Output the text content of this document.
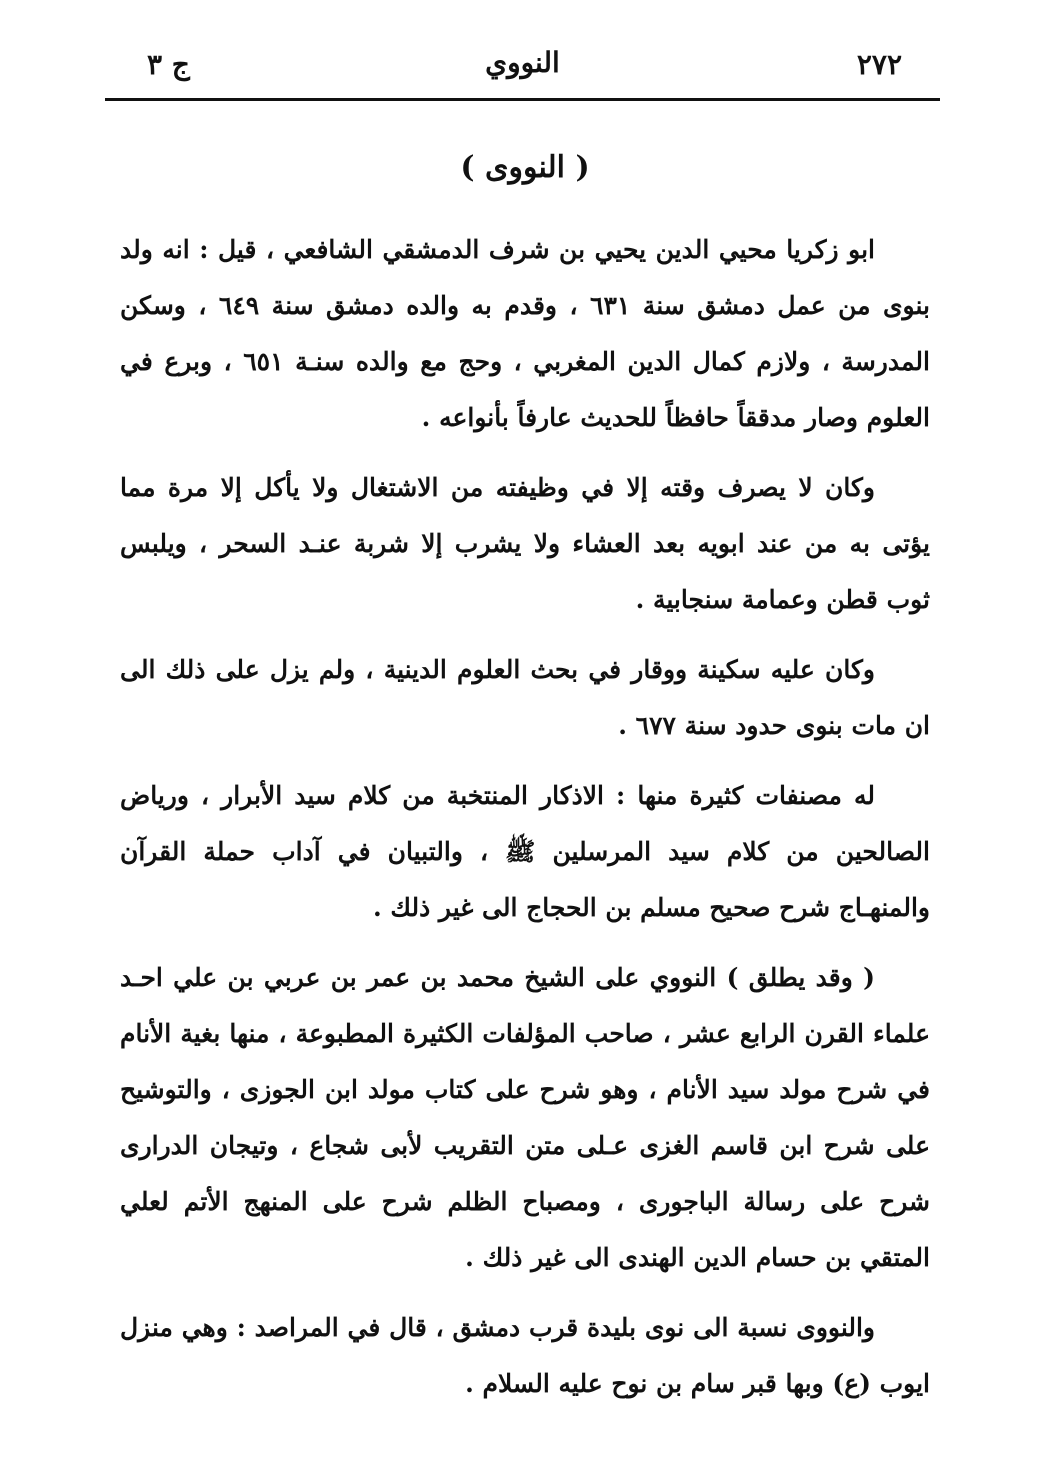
٢٧٢
النووي
ج ٣
( النووى )

ابو زكريا محيي الدين يحيي بن شرف الدمشقي الشافعي ، قيل : انه ولد بنوى من عمل دمشق سنة ٦٣١ ، وقدم به والده دمشق سنة ٦٤٩ ، وسكن المدرسة ، ولازم كمال الدين المغربي ، وحج مع والده سنـة ٦٥١ ، وبرع في العلوم وصار مدققاً حافظاً للحديث عارفاً بأنواعه .

وكان لا يصرف وقته إلا في وظيفته من الاشتغال ولا يأكل إلا مرة مما يؤتى به من عند ابويه بعد العشاء ولا يشرب إلا شربة عنـد السحر ، ويلبس ثوب قطن وعمامة سنجابية .

وكان عليه سكينة ووقار في بحث العلوم الدينية ، ولم يزل على ذلك الى ان مات بنوى حدود سنة ٦٧٧ .

له مصنفات كثيرة منها : الاذكار المنتخبة من كلام سيد الأبرار ، ورياض الصالحين من كلام سيد المرسلين ﷺ ، والتبيان في آداب حملة القرآن والمنهـاج شرح صحيح مسلم بن الحجاج الى غير ذلك .

( وقد يطلق ) النووي على الشيخ محمد بن عمر بن عربي بن علي احـد علماء القرن الرابع عشر ، صاحب المؤلفات الكثيرة المطبوعة ، منها بغية الأنام في شرح مولد سيد الأنام ، وهو شرح على كتاب مولد ابن الجوزى ، والتوشيح على شرح ابن قاسم الغزى عـلى متن التقريب لأبى شجاع ، وتيجان الدرارى شرح على رسالة الباجورى ، ومصباح الظلم شرح على المنهج الأتم لعلي المتقي بن حسام الدين الهندى الى غير ذلك .

والنووى نسبة الى نوى بليدة قرب دمشق ، قال في المراصد : وهي منزل ايوب (ع) وبها قبر سام بن نوح عليه السلام .
